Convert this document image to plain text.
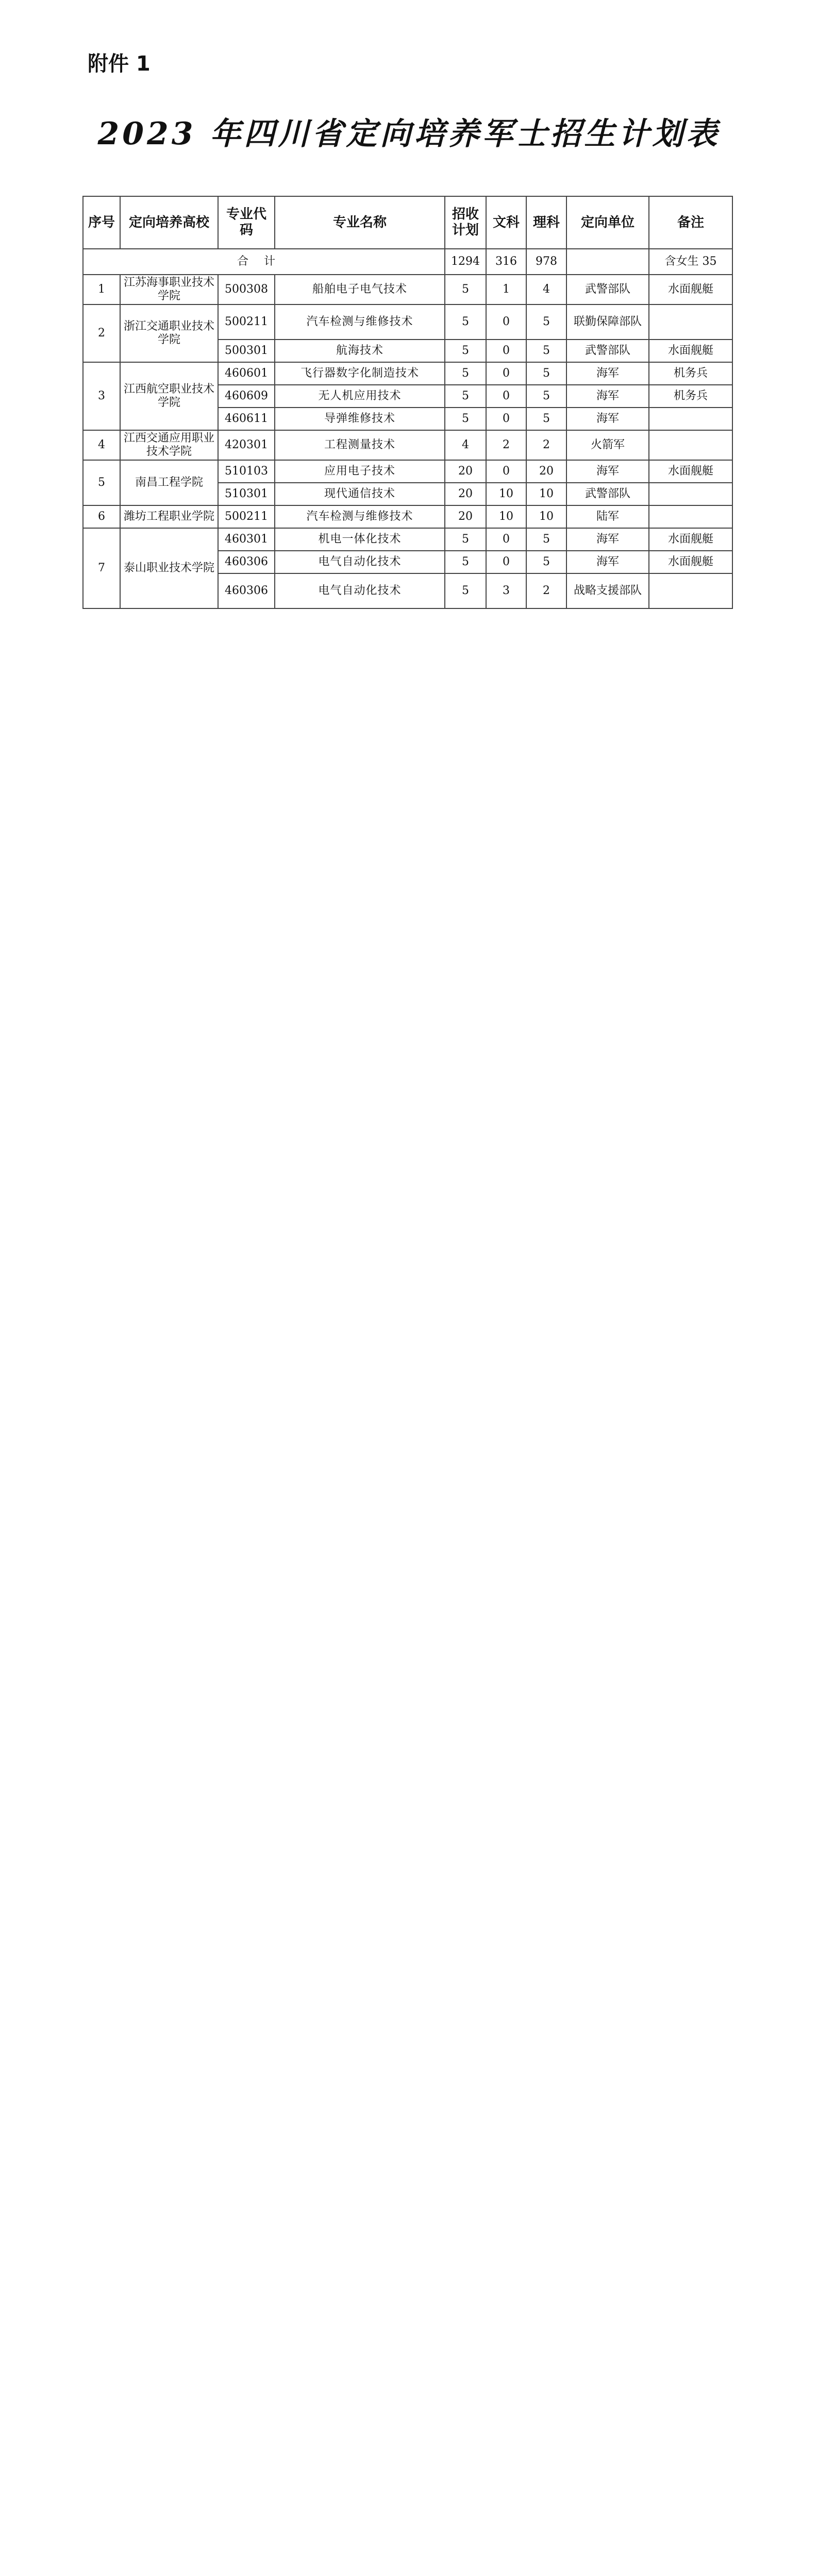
附件 1
2023 年四川省定向培养军士招生计划表
序号	定向培养高校	专业代码	专业名称	招收计划	文科	理科	定向单位	备注
合计				1294	316	978		含女生 35
1	江苏海事职业技术学院	500308	船舶电子电气技术	5	1	4	武警部队	水面舰艇
2	浙江交通职业技术学院	500211	汽车检测与维修技术	5	0	5	联勤保障部队	
		500301	航海技术	5	0	5	武警部队	水面舰艇
3	江西航空职业技术学院	460601	飞行器数字化制造技术	5	0	5	海军	机务兵
		460609	无人机应用技术	5	0	5	海军	机务兵
		460611	导弹维修技术	5	0	5	海军	
4	江西交通应用职业技术学院	420301	工程测量技术	4	2	2	火箭军	
5	南昌工程学院	510103	应用电子技术	20	0	20	海军	水面舰艇
		510301	现代通信技术	20	10	10	武警部队	
6	潍坊工程职业学院	500211	汽车检测与维修技术	20	10	10	陆军	
7	泰山职业技术学院	460301	机电一体化技术	5	0	5	海军	水面舰艇
		460306	电气自动化技术	5	0	5	海军	水面舰艇
		460306	电气自动化技术	5	3	2	战略支援部队	
